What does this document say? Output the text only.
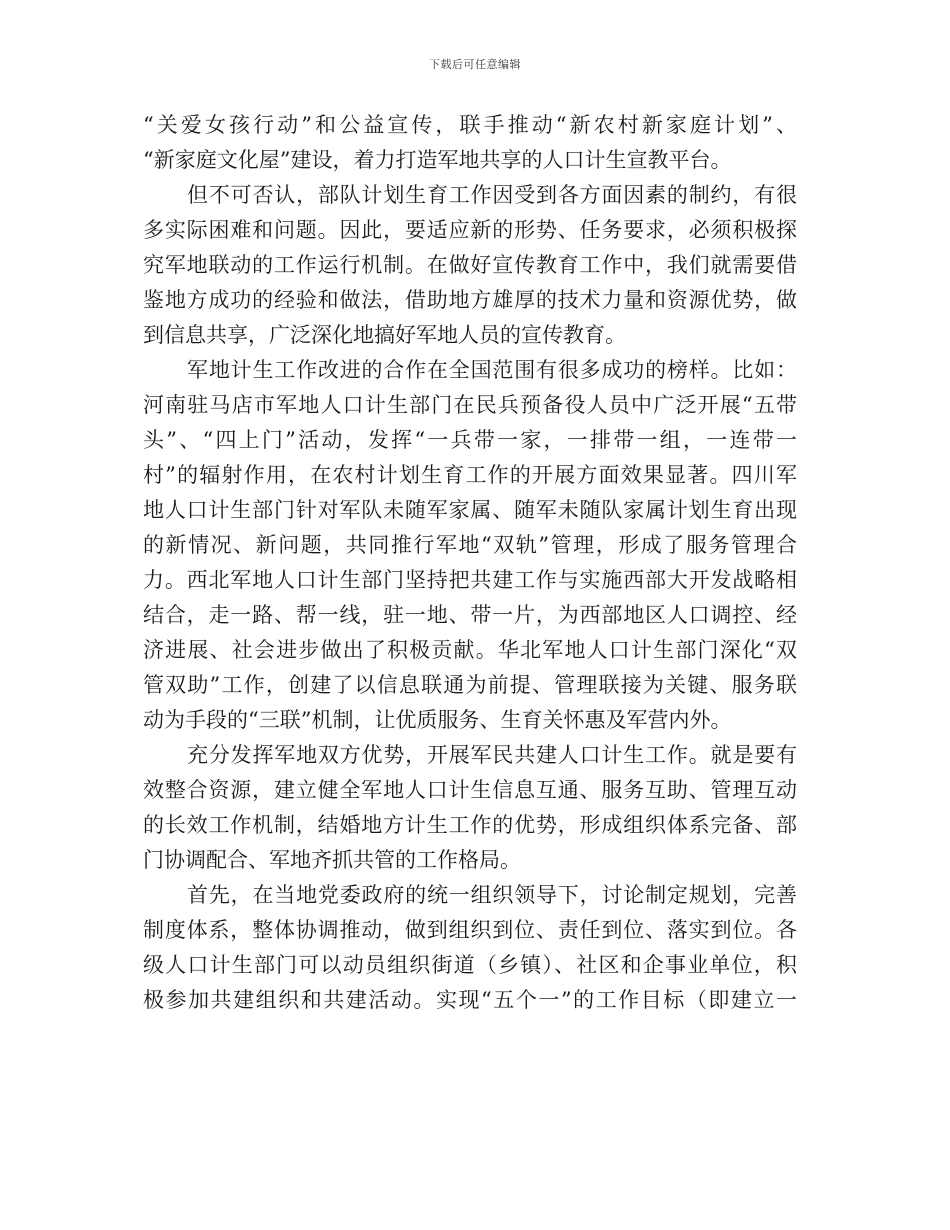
下载后可任意编辑
“关爱女孩行动”和公益宣传，联手推动“新农村新家庭计划”、
“新家庭文化屋”建设，着力打造军地共享的人口计生宣教平台。
但不可否认，部队计划生育工作因受到各方面因素的制约，有很
多实际困难和问题。因此，要适应新的形势、任务要求，必须积极探
究军地联动的工作运行机制。在做好宣传教育工作中，我们就需要借
鉴地方成功的经验和做法，借助地方雄厚的技术力量和资源优势，做
到信息共享，广泛深化地搞好军地人员的宣传教育。
军地计生工作改进的合作在全国范围有很多成功的榜样。比如：
河南驻马店市军地人口计生部门在民兵预备役人员中广泛开展“五带
头”、“四上门”活动，发挥“一兵带一家，一排带一组，一连带一
村”的辐射作用，在农村计划生育工作的开展方面效果显著。四川军
地人口计生部门针对军队未随军家属、随军未随队家属计划生育出现
的新情况、新问题，共同推行军地“双轨”管理，形成了服务管理合
力。西北军地人口计生部门坚持把共建工作与实施西部大开发战略相
结合，走一路、帮一线，驻一地、带一片，为西部地区人口调控、经
济进展、社会进步做出了积极贡献。华北军地人口计生部门深化“双
管双助”工作，创建了以信息联通为前提、管理联接为关键、服务联
动为手段的“三联”机制，让优质服务、生育关怀惠及军营内外。
充分发挥军地双方优势，开展军民共建人口计生工作。就是要有
效整合资源，建立健全军地人口计生信息互通、服务互助、管理互动
的长效工作机制，结婚地方计生工作的优势，形成组织体系完备、部
门协调配合、军地齐抓共管的工作格局。
首先，在当地党委政府的统一组织领导下，讨论制定规划，完善
制度体系，整体协调推动，做到组织到位、责任到位、落实到位。各
级人口计生部门可以动员组织街道（乡镇）、社区和企事业单位，积
极参加共建组织和共建活动。实现“五个一”的工作目标（即建立一
